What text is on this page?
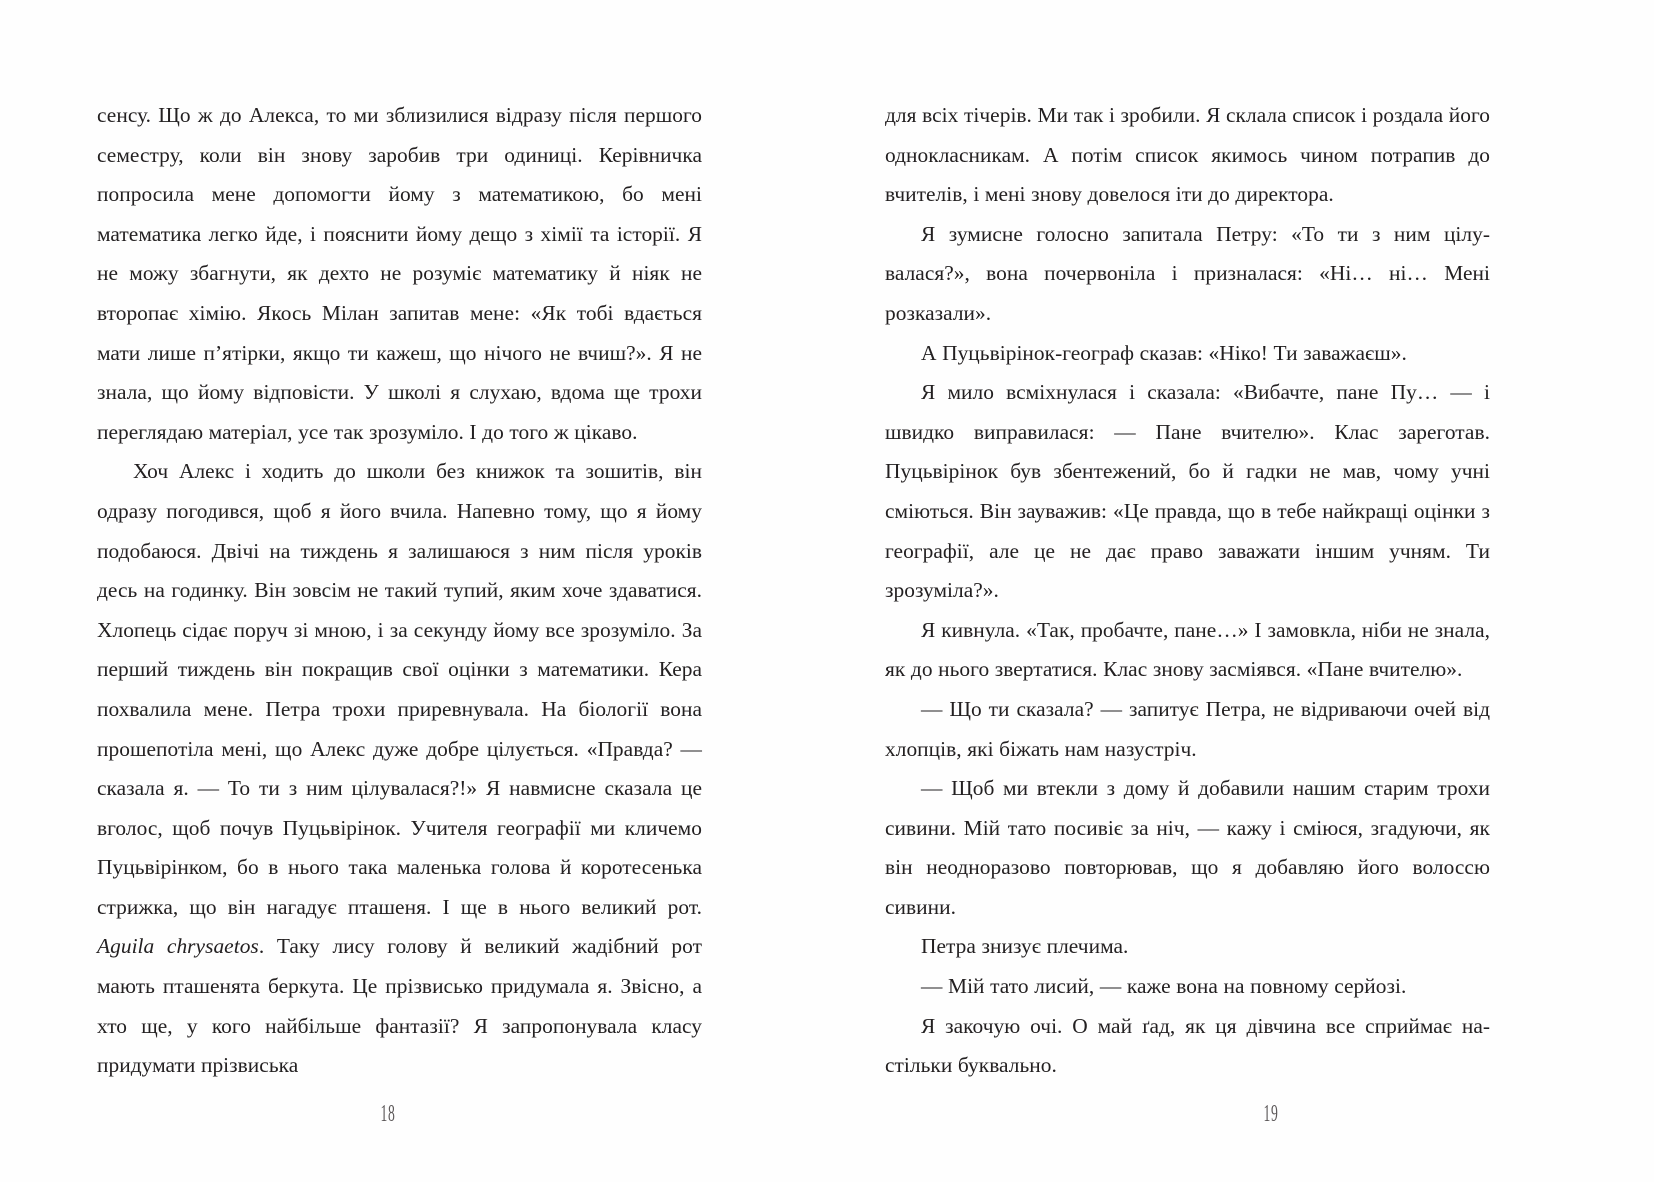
сенсу. Що ж до Алекса, то ми зблизилися відразу після першого семестру, коли він знову заробив три одиниці. Керівничка попросила мене допомогти йому з математикою, бо мені математика легко йде, і пояснити йому дещо з хімії та історії. Я не можу збагнути, як дехто не розуміє математику й ніяк не второпає хімію. Якось Мілан запитав мене: «Як тобі вдається мати лише п’ятірки, якщо ти кажеш, що нічого не вчиш?». Я не знала, що йому відповісти. У школі я слухаю, вдома ще трохи переглядаю матеріал, усе так зрозуміло. І до того ж цікаво.

Хоч Алекс і ходить до школи без книжок та зошитів, він одразу погодився, щоб я його вчила. Напевно тому, що я йому подобаюся. Двічі на тиждень я залишаюся з ним після уроків десь на годинку. Він зовсім не такий тупий, яким хоче здаватися. Хлопець сідає поруч зі мною, і за секунду йому все зрозуміло. За перший тиждень він покращив свої оцінки з математики. Кера похвалила мене. Петра трохи приревнувала. На біології вона прошепотіла мені, що Алекс дуже добре цілується. «Правда? — сказала я. — То ти з ним цілувалася?!» Я навмисне сказала це вголос, щоб почув Пуцьвірінок. Учителя географії ми кличемо Пуцьвірінком, бо в нього така маленька голова й коротесенька стрижка, що він нагадує пташеня. І ще в нього великий рот. Aguila chrysaetos. Таку лису голову й великий жадібний рот мають пташенята беркута. Це прізвисько придумала я. Звісно, а хто ще, у кого найбільше фантазії? Я запропонувала класу придумати прізвиська

18

для всіх тічерів. Ми так і зробили. Я склала список і роздала його однокласникам. А потім список якимось чином потрапив до вчителів, і мені знову довелося іти до директора.

Я зумисне голосно запитала Петру: «То ти з ним цілувалася?», вона почервоніла і призналася: «Ні… ні… Мені розказали».

А Пуцьвірінок-географ сказав: «Ніко! Ти заважаєш».

Я мило всміхнулася і сказала: «Вибачте, пане Пу… — і швидко виправилася: — Пане вчителю». Клас зареготав. Пуцьвірінок був збентежений, бо й гадки не мав, чому учні сміються. Він зауважив: «Це правда, що в тебе найкращі оцінки з географії, але це не дає право заважати іншим учням. Ти зрозуміла?».

Я кивнула. «Так, пробачте, пане…» І замовкла, ніби не знала, як до нього звертатися. Клас знову засміявся. «Пане вчителю».

— Що ти сказала? — запитує Петра, не відриваючи очей від хлопців, які біжать нам назустріч.

— Щоб ми втекли з дому й добавили нашим старим трохи сивини. Мій тато посивіє за ніч, — кажу і сміюся, згадуючи, як він неодноразово повторював, що я добавляю його волоссю сивини.

Петра знизує плечима.

— Мій тато лисий, — каже вона на повному серйозі.

Я закочую очі. О май ґад, як ця дівчина все сприймає настільки буквально.

19
